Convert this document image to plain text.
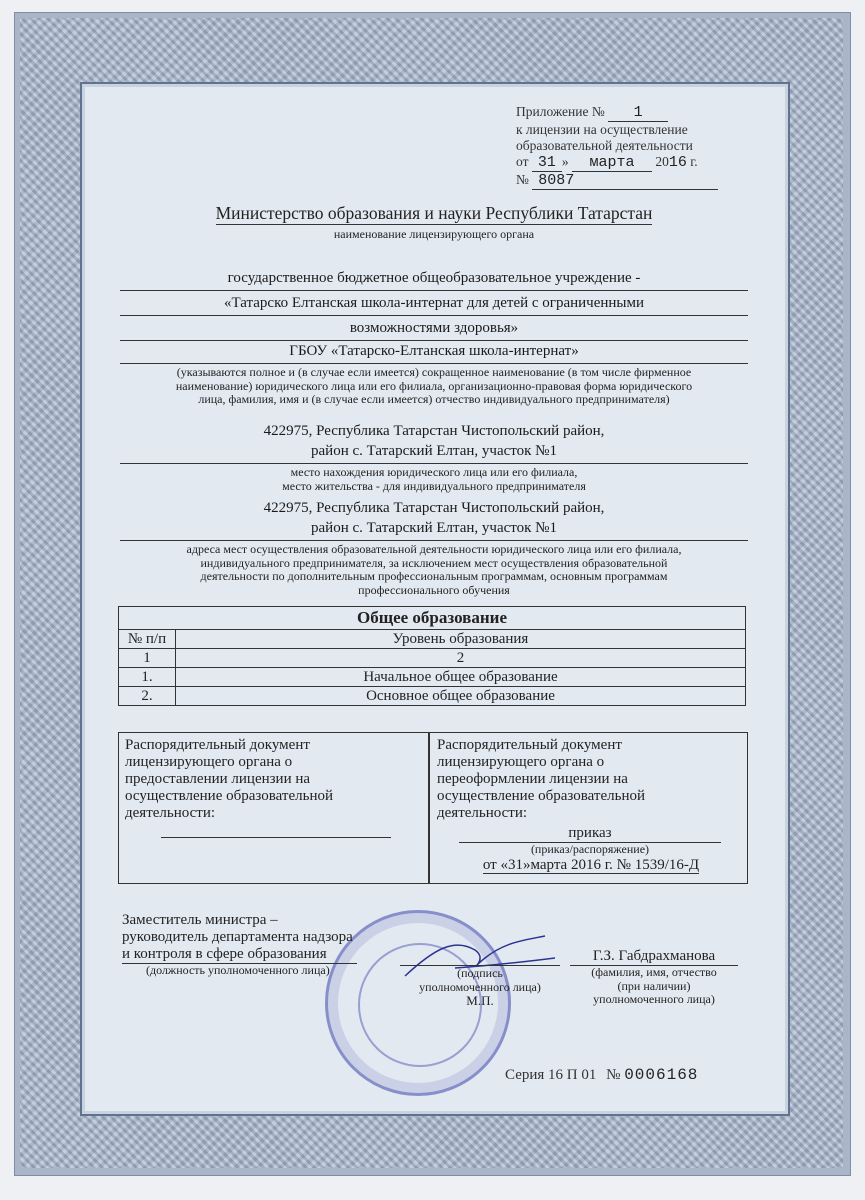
Приложение № 1
к лицензии на осуществление
образовательной деятельности
от 31 » марта 2016 г.
№ 8087
Министерство образования и науки Республики Татарстан
наименование лицензирующего органа
государственное бюджетное общеобразовательное учреждение -
«Татарско Елтанская школа-интернат для детей с ограниченными
возможностями здоровья»
ГБОУ «Татарско-Елтанская школа-интернат»
(указываются полное и (в случае если имеется) сокращенное наименование (в том числе фирменное
наименование) юридического лица или его филиала, организационно-правовая форма юридического
лица, фамилия, имя и (в случае если имеется) отчество индивидуального предпринимателя)
422975, Республика Татарстан Чистопольский район,
район с. Татарский Елтан, участок №1
место нахождения юридического лица или его филиала,
место жительства - для индивидуального предпринимателя
422975, Республика Татарстан Чистопольский район,
район с. Татарский Елтан, участок №1
адреса мест осуществления образовательной деятельности юридического лица или его филиала,
индивидуального предпринимателя, за исключением мест осуществления образовательной
деятельности по дополнительным профессиональным программам, основным программам
профессионального обучения
Общее образование	
№ п/п	Уровень образования
1	2
1.	Начальное общее образование
2.	Основное общее образование
Распорядительный документ
лицензирующего органа о
предоставлении лицензии на
осуществление образовательной
деятельности:
Распорядительный документ
лицензирующего органа о
переоформлении лицензии на
осуществление образовательной
деятельности:
приказ
(приказ/распоряжение)
от «31»марта 2016 г. № 1539/16-Д
Заместитель министра –
руководитель департамента надзора
и контроля в сфере образования
(должность уполномоченного лица)	(подпись
уполномоченного лица)
М.П.
Г.З. Габдрахманова
(фамилия, имя, отчество
(при наличии)
уполномоченного лица)
Серия 16 П 01 № 0006168
